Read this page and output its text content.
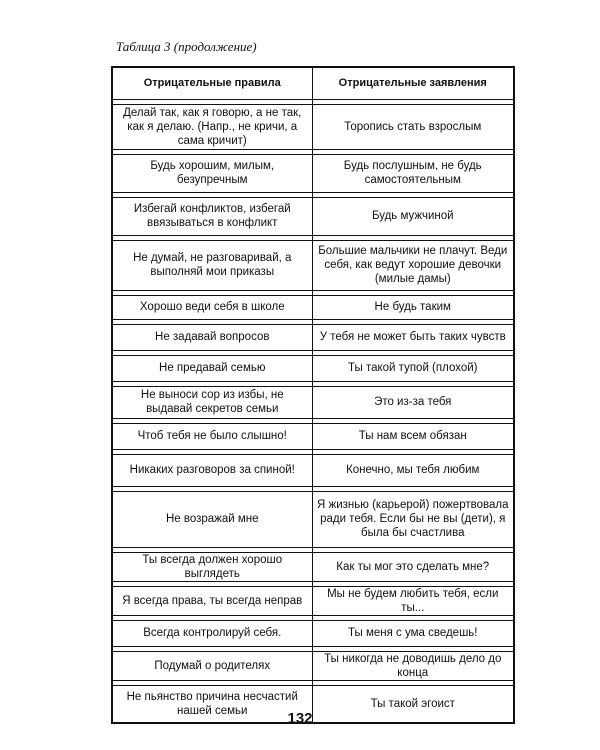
Таблица 3 (продолжение)
Отрицательные правила	Отрицательные заявления

Делай так, как я говорю, а не так, как я делаю. (Напр., не кричи, а сама кричит)	Торопись стать взрослым

Будь хорошим, милым, безупречным	Будь послушным, не будь самостоятельным

Избегай конфликтов, избегай ввязываться в конфликт	Будь мужчиной

Не думай, не разговаривай, а выполняй мои приказы	Большие мальчики не плачут. Веди себя, как ведут хорошие девочки (милые дамы)

Хорошо веди себя в школе	Не будь таким

Не задавай вопросов	У тебя не может быть таких чувств

Не предавай семью	Ты такой тупой (плохой)

Не выноси сор из избы, не выдавай секретов семьи	Это из-за тебя

Чтоб тебя не было слышно!	Ты нам всем обязан

Никаких разговоров за спиной!	Конечно, мы тебя любим

Не возражай мне	Я жизнью (карьерой) пожертвовала ради тебя. Если бы не вы (дети), я была бы счастлива

Ты всегда должен хорошо выглядеть	Как ты мог это сделать мне?

Я всегда права, ты всегда неправ	Мы не будем любить тебя, если ты...

Всегда контролируй себя.	Ты меня с ума сведешь!

Подумай о родителях	Ты никогда не доводишь дело до конца

Не пьянство причина несчастий нашей семьи	Ты такой эгоист
132
